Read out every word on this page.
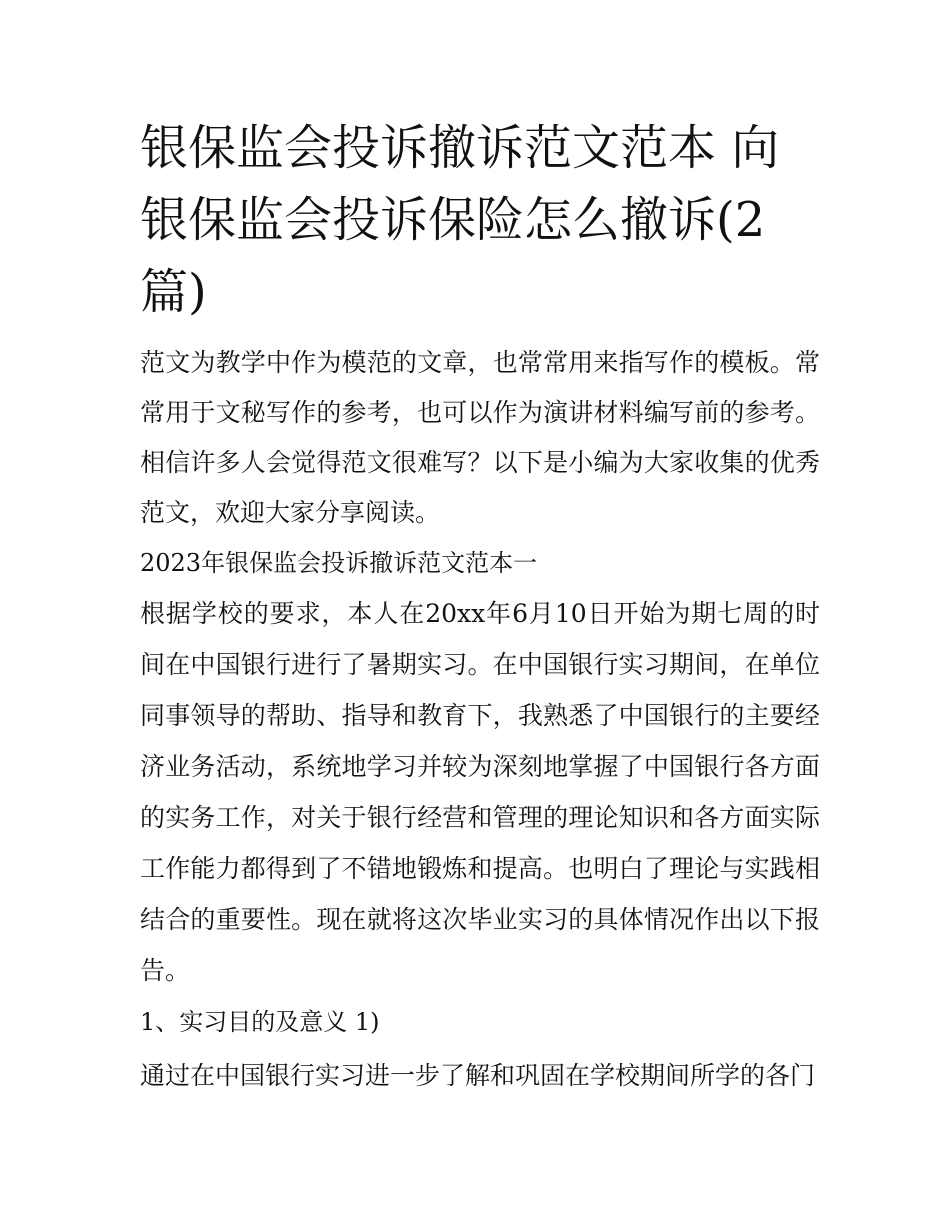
银保监会投诉撤诉范文范本 向银保监会投诉保险怎么撤诉(2篇)

范文为教学中作为模范的文章，也常常用来指写作的模板。常常用于文秘写作的参考，也可以作为演讲材料编写前的参考。相信许多人会觉得范文很难写？以下是小编为大家收集的优秀范文，欢迎大家分享阅读。

2023年银保监会投诉撤诉范文范本一

根据学校的要求，本人在20xx年6月10日开始为期七周的时间在中国银行进行了暑期实习。在中国银行实习期间，在单位同事领导的帮助、指导和教育下，我熟悉了中国银行的主要经济业务活动，系统地学习并较为深刻地掌握了中国银行各方面的实务工作，对关于银行经营和管理的理论知识和各方面实际工作能力都得到了不错地锻炼和提高。也明白了理论与实践相结合的重要性。现在就将这次毕业实习的具体情况作出以下报告。

1、实习目的及意义 1)

通过在中国银行实习进一步了解和巩固在学校期间所学的各门
